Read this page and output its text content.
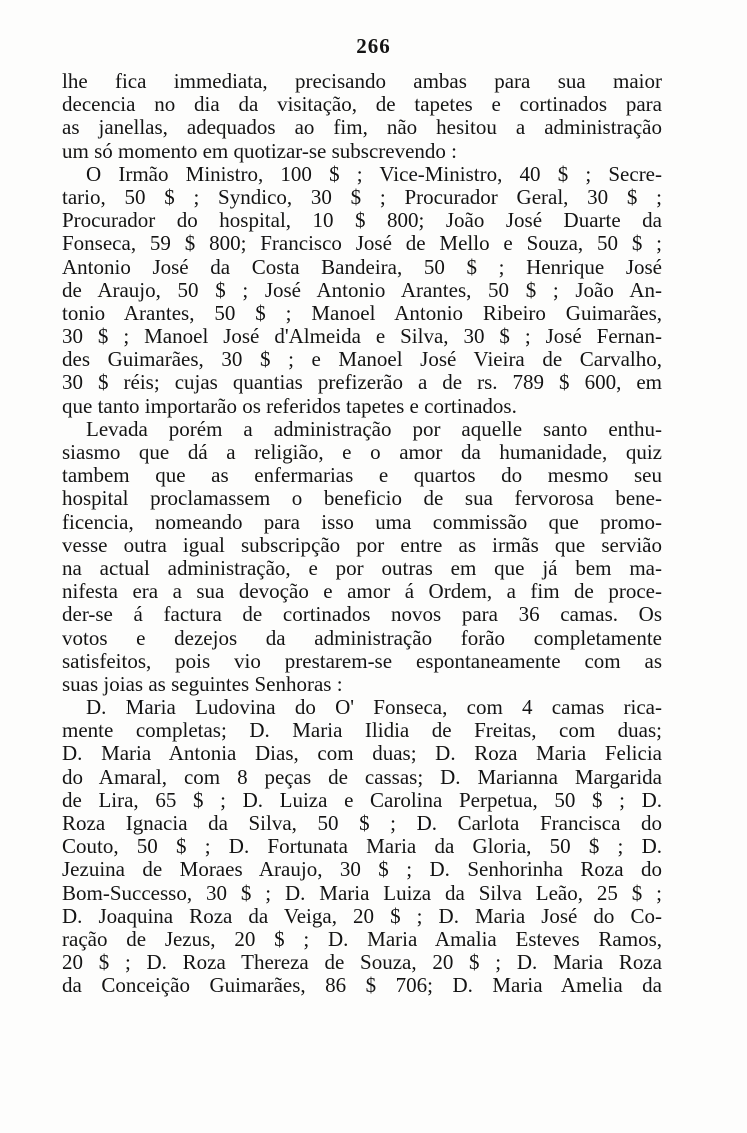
266
lhe fica immediata, precisando ambas para sua maior
decencia no dia da visitação, de tapetes e cortinados para
as janellas, adequados ao fim, não hesitou a administração
um só momento em quotizar-se subscrevendo :
O Irmão Ministro, 100 $ ; Vice-Ministro, 40 $ ; Secre-
tario, 50 $ ; Syndico, 30 $ ; Procurador Geral, 30 $ ;
Procurador do hospital, 10 $ 800; João José Duarte da
Fonseca, 59 $ 800; Francisco José de Mello e Souza, 50 $ ;
Antonio José da Costa Bandeira, 50 $ ; Henrique José
de Araujo, 50 $ ; José Antonio Arantes, 50 $ ; João An-
tonio Arantes, 50 $ ; Manoel Antonio Ribeiro Guimarães,
30 $ ; Manoel José d'Almeida e Silva, 30 $ ; José Fernan-
des Guimarães, 30 $ ; e Manoel José Vieira de Carvalho,
30 $ réis; cujas quantias prefizerão a de rs. 789 $ 600, em
que tanto importarão os referidos tapetes e cortinados.
Levada porém a administração por aquelle santo enthu-
siasmo que dá a religião, e o amor da humanidade, quiz
tambem que as enfermarias e quartos do mesmo seu
hospital proclamassem o beneficio de sua fervorosa bene-
ficencia, nomeando para isso uma commissão que promo-
vesse outra igual subscripção por entre as irmãs que servião
na actual administração, e por outras em que já bem ma-
nifesta era a sua devoção e amor á Ordem, a fim de proce-
der-se á factura de cortinados novos para 36 camas. Os
votos e dezejos da administração forão completamente
satisfeitos, pois vio prestarem-se espontaneamente com as
suas joias as seguintes Senhoras :
D. Maria Ludovina do O' Fonseca, com 4 camas rica-
mente completas; D. Maria Ilidia de Freitas, com duas;
D. Maria Antonia Dias, com duas; D. Roza Maria Felicia
do Amaral, com 8 peças de cassas; D. Marianna Margarida
de Lira, 65 $ ; D. Luiza e Carolina Perpetua, 50 $ ; D.
Roza Ignacia da Silva, 50 $ ; D. Carlota Francisca do
Couto, 50 $ ; D. Fortunata Maria da Gloria, 50 $ ; D.
Jezuina de Moraes Araujo, 30 $ ; D. Senhorinha Roza do
Bom-Successo, 30 $ ; D. Maria Luiza da Silva Leão, 25 $ ;
D. Joaquina Roza da Veiga, 20 $ ; D. Maria José do Co-
ração de Jezus, 20 $ ; D. Maria Amalia Esteves Ramos,
20 $ ; D. Roza Thereza de Souza, 20 $ ; D. Maria Roza
da Conceição Guimarães, 86 $ 706; D. Maria Amelia da
